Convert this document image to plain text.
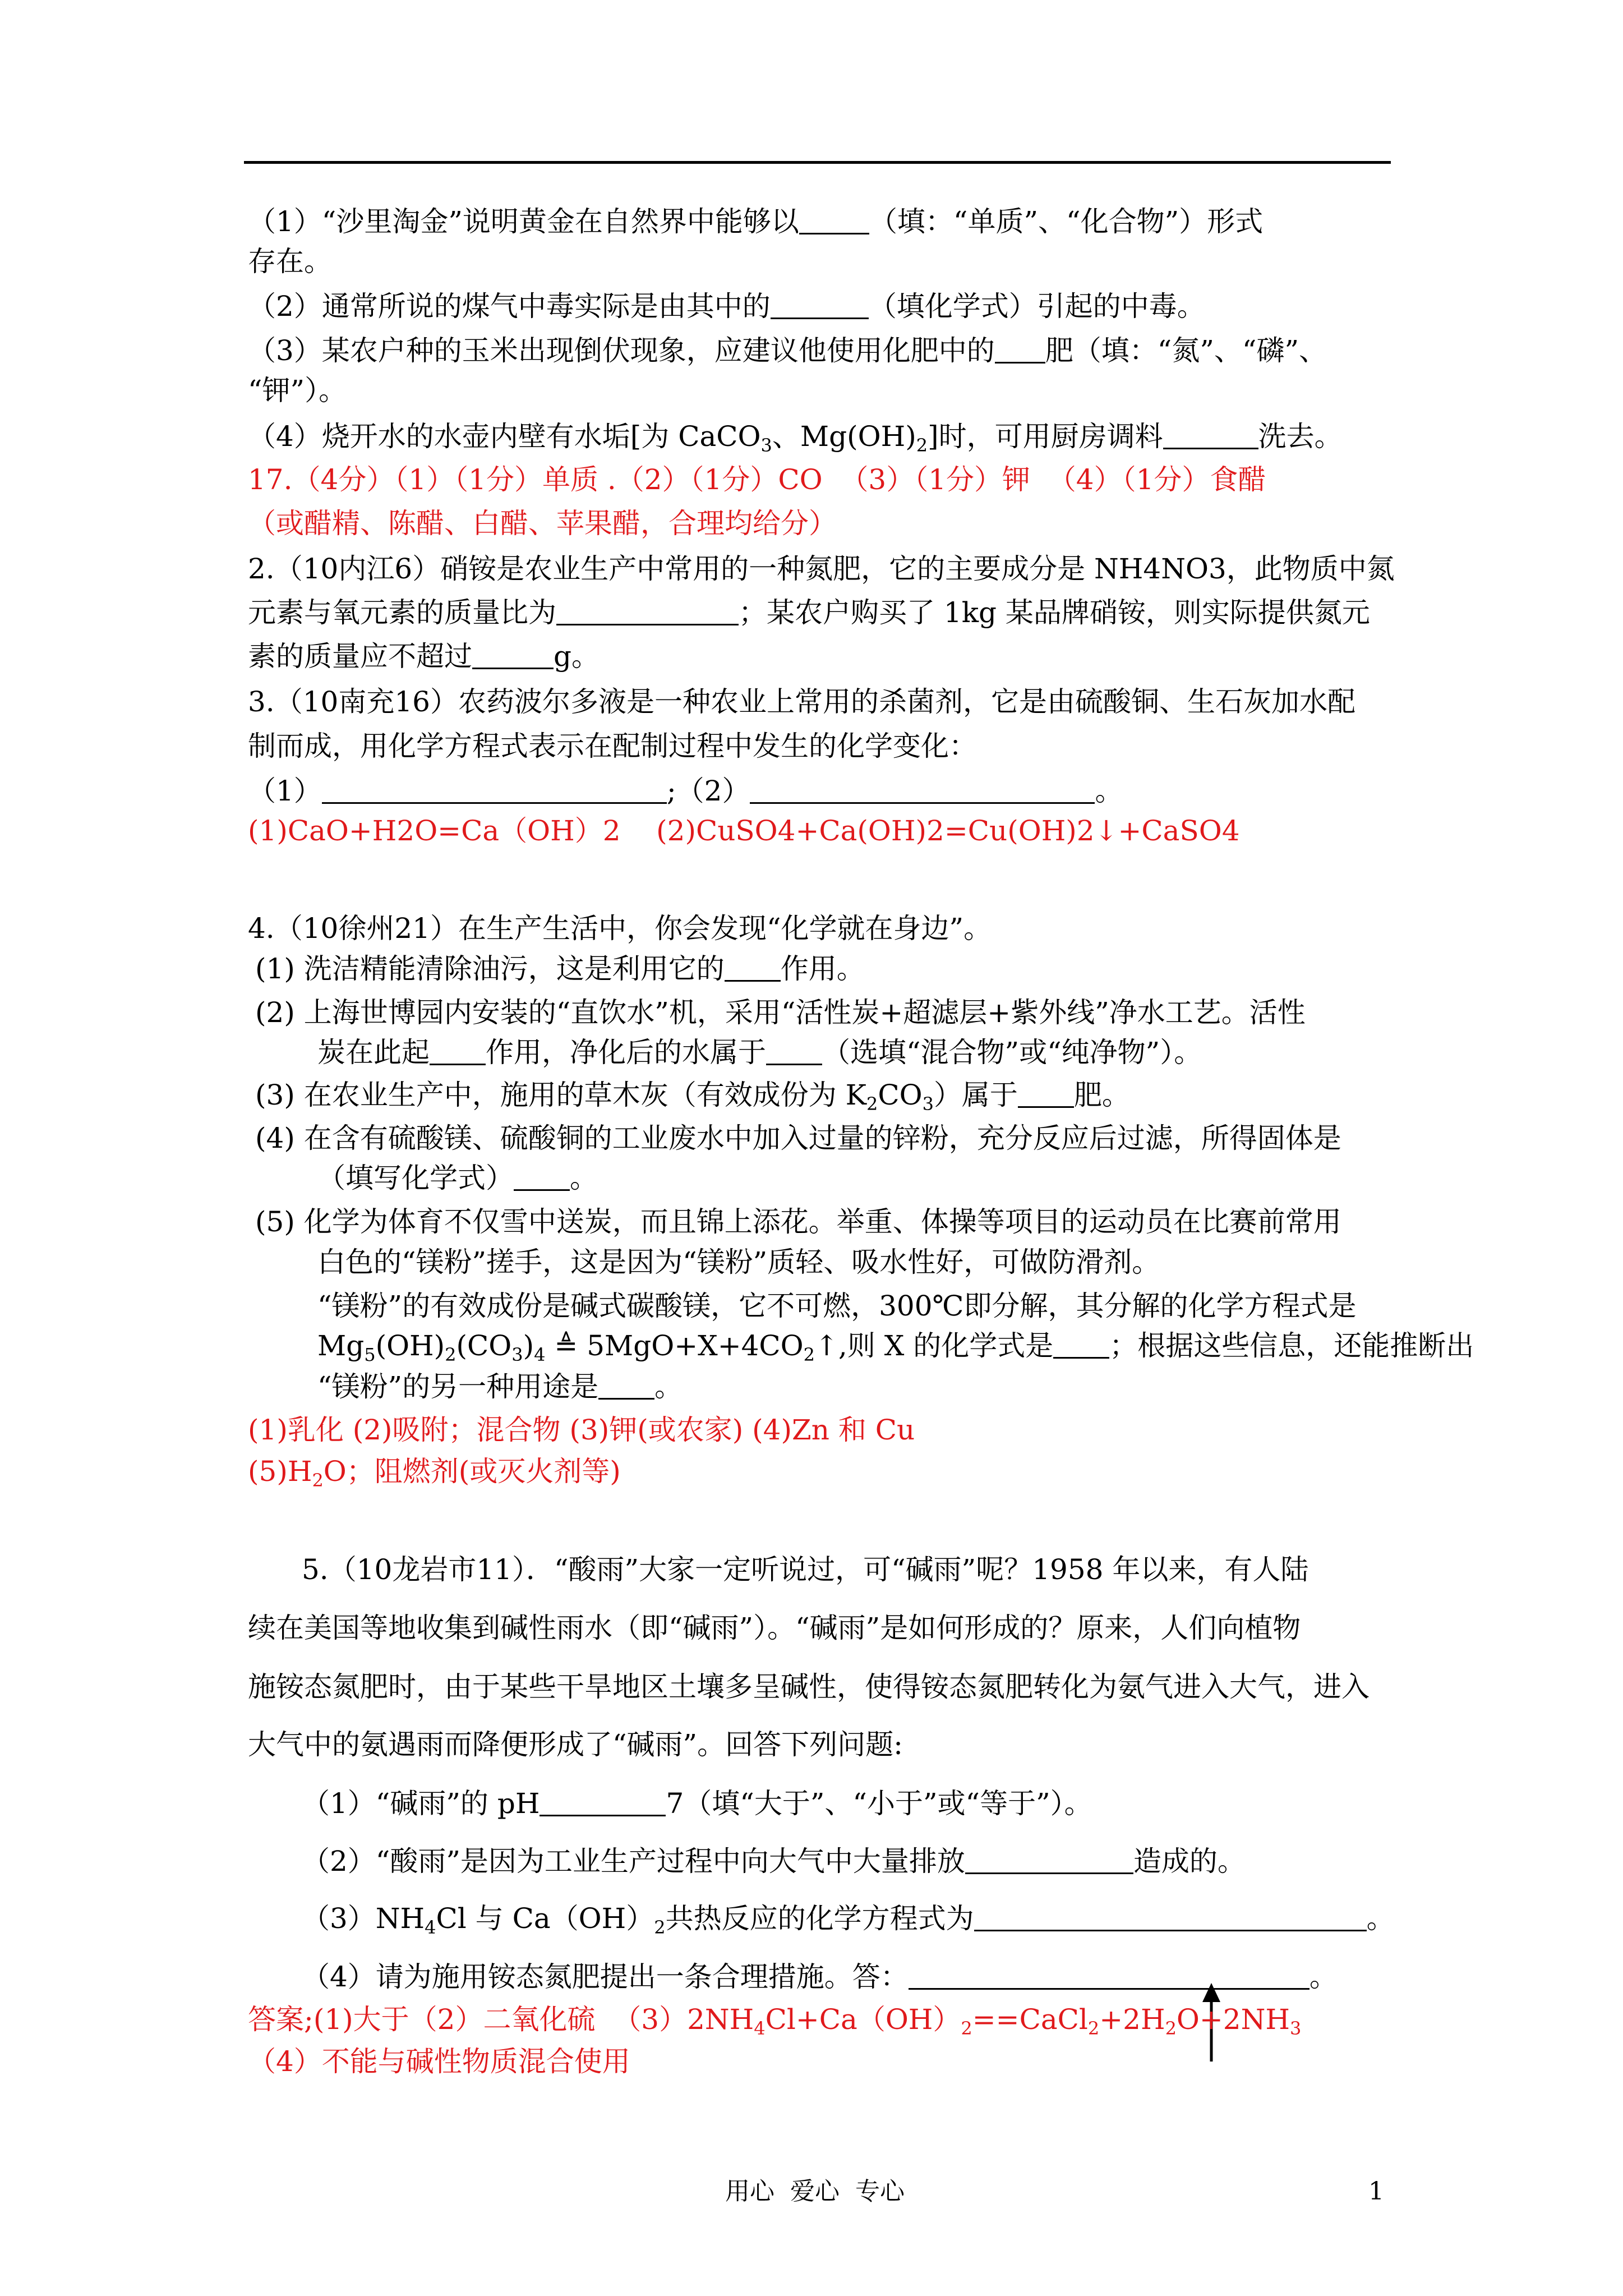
（1）“沙里淘金”说明黄金在自然界中能够以	（填：“单质”、“化合物”）形式
存在。
（2）通常所说的煤气中毒实际是由其中的	（填化学式）引起的中毒。
（3）某农户种的玉米出现倒伏现象，应建议他使用化肥中的 肥（填：“氮”、“磷”、
“钾”）。
（4）烧开水的水壶内壁有水垢[为 CaCO$_3$、$Mg(OH)_2$]时，可用厨房调料	洗去。
17.（4分）（1）（1分）单质 .（2）（1分）CO  （3）（1分）钾  （4）（1分）食醋
（或醋精、陈醋、白醋、苹果醋，合理均给分）
2.（10内江6）硝铵是农业生产中常用的一种氮肥，它的主要成分是 NH4NO3，此物质中氮
元素与氧元素的质量比为	；某农户购买了 1kg 某品牌硝铵，则实际提供氮元
素的质量应不超过	g。
3.（10南充16）农药波尔多液是一种农业上常用的杀菌剂，它是由硫酸铜、生石灰加水配
制而成，用化学方程式表示在配制过程中发生的化学变化：
（1）	;（2）	。
(1)CaO+H2O=Ca（OH）2    (2)CuSO4+Ca(OH)2=Cu(OH)2↓+CaSO4
4.（10徐州21）在生产生活中，你会发现“化学就在身边”。
(1) 洗洁精能清除油污，这是利用它的 作用。
(2) 上海世博园内安装的“直饮水”机，采用“活性炭+超滤层+紫外线”净水工艺。活性
炭在此起 作用，净化后的水属于 （选填“混合物”或“纯净物”）。
(3) 在农业生产中，施用的草木灰（有效成份为 $K_2CO_3$）属于 肥。
(4) 在含有硫酸镁、硫酸铜的工业废水中加入过量的锌粉，充分反应后过滤，所得固体是
（填写化学式） 。
(5) 化学为体育不仅雪中送炭，而且锦上添花。举重、体操等项目的运动员在比赛前常用
白色的“镁粉”搓手，这是因为“镁粉”质轻、吸水性好，可做防滑剂。
“镁粉”的有效成份是碱式碳酸镁，它不可燃，300℃即分解，其分解的化学方程式是
$Mg_5(OH)_2(CO_3)_4$ ≜ $5MgO+X+4CO_2↑$,则 X 的化学式是 ；根据这些信息，还能推断出
“镁粉”的另一种用途是 。
(1)乳化 (2)吸附；混合物 (3)钾(或农家) (4)Zn 和 Cu
$(5)H_2O$；阻燃剂(或灭火剂等)
5.（10龙岩市11）．“酸雨”大家一定听说过，可“碱雨”呢？1958 年以来，有人陆
续在美国等地收集到碱性雨水（即“碱雨”）。“碱雨”是如何形成的？原来，人们向植物
施铵态氮肥时，由于某些干旱地区土壤多呈碱性，使得铵态氮肥转化为氨气进入大气，进入
大气中的氨遇雨而降便形成了“碱雨”。回答下列问题:
（1）“碱雨”的 pH	7（填“大于”、“小于”或“等于”）。
（2）“酸雨”是因为工业生产过程中向大气中大量排放	造成的。
$(3)NH_4Cl$ 与 $Ca(OH)_2$共热反应的化学方程式为	。
（4）请为施用铵态氮肥提出一条合理措施。答：	。
答案;(1)大于（2）二氧化硫  $(3)2NH_4Cl+Ca(OH)_2==CaCl_2+2H_2O+2NH_3$
（4）不能与碱性物质混合使用
用心  爱心  专心	1
